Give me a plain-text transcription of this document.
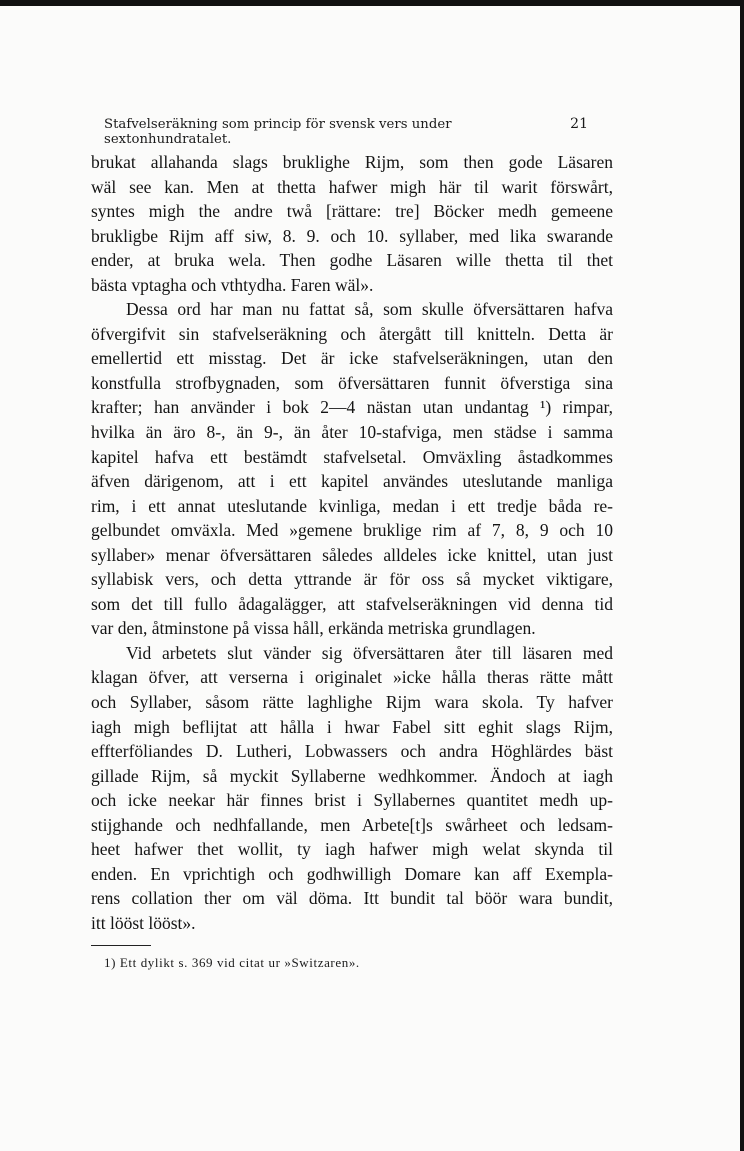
Stafvelseräkning som princip för svensk vers under sextonhundratalet.
21
brukat allahanda slags bruklighe Rijm, som then gode Läsaren
wäl see kan. Men at thetta hafwer migh här til warit förswårt,
syntes migh the andre twå [rättare: tre] Böcker medh gemeene
brukligbe Rijm aff siw, 8. 9. och 10. syllaber, med lika swarande
ender, at bruka wela. Then godhe Läsaren wille thetta til thet
bästa vptagha och vthtydha. Faren wäl».
Dessa ord har man nu fattat så, som skulle öfversättaren hafva
öfvergifvit sin stafvelseräkning och återgått till knitteln. Detta är
emellertid ett misstag. Det är icke stafvelseräkningen, utan den
konstfulla strofbygnaden, som öfversättaren funnit öfverstiga sina
krafter; han använder i bok 2—4 nästan utan undantag ¹) rimpar,
hvilka än äro 8-, än 9-, än åter 10-stafviga, men städse i samma
kapitel hafva ett bestämdt stafvelsetal. Omväxling åstadkommes
äfven därigenom, att i ett kapitel användes uteslutande manliga
rim, i ett annat uteslutande kvinliga, medan i ett tredje båda re-
gelbundet omväxla. Med »gemene bruklige rim af 7, 8, 9 och 10
syllaber» menar öfversättaren således alldeles icke knittel, utan just
syllabisk vers, och detta yttrande är för oss så mycket viktigare,
som det till fullo ådagalägger, att stafvelseräkningen vid denna tid
var den, åtminstone på vissa håll, erkända metriska grundlagen.
Vid arbetets slut vänder sig öfversättaren åter till läsaren med
klagan öfver, att verserna i originalet »icke hålla theras rätte mått
och Syllaber, såsom rätte laghlighe Rijm wara skola. Ty hafver
iagh migh beflijtat att hålla i hwar Fabel sitt eghit slags Rijm,
effterföliandes D. Lutheri, Lobwassers och andra Höghlärdes bäst
gillade Rijm, så myckit Syllaberne wedhkommer. Ändoch at iagh
och icke neekar här finnes brist i Syllabernes quantitet medh up-
stijghande och nedhfallande, men Arbete[t]s swårheet och ledsam-
heet hafwer thet wollit, ty iagh hafwer migh welat skynda til
enden. En vprichtigh och godhwilligh Domare kan aff Exempla-
rens collation ther om väl döma. Itt bundit tal böör wara bundit,
itt lööst lööst».
1) Ett dylikt s. 369 vid citat ur »Switzaren».
